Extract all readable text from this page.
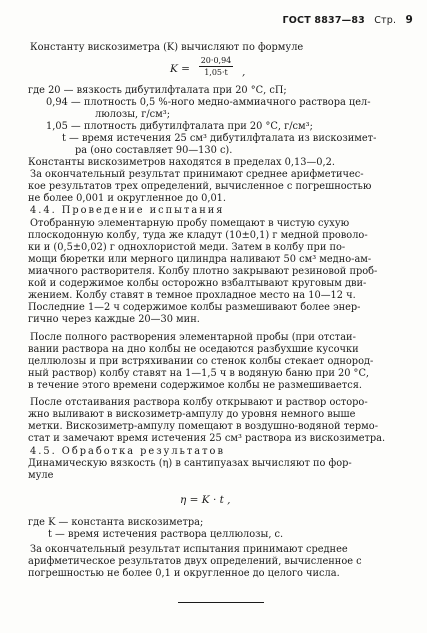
ГОСТ 8837—83 Стр. 9
Константу вискозиметра (K) вычисляют по формуле
$K = \frac{20\cdot 0,94}{1,05\cdot t}$ ,
где 20 — вязкость дибутилфталата при 20 °С, сП;
0,94 — плотность 0,5 %-ного медно-аммиачного раствора цел-
люлозы, г/см³;
1,05 — плотность дибутилфталата при 20 °С, г/см³;
t — время истечения 25 см³ дибутилфталата из вискозимет-
ра (оно составляет 90—130 с).
Константы вискозиметров находятся в пределах 0,13—0,2.
За окончательный результат принимают среднее арифметичес-
кое результатов трех определений, вычисленное с погрешностью
не более 0,001 и округленное до 0,01.
4.4. Проведение испытания
Отобранную элементарную пробу помещают в чистую сухую
плоскодонную колбу, туда же кладут (10±0,1) г медной проволо-
ки и (0,5±0,02) г однохлористой меди. Затем в колбу при по-
мощи бюретки или мерного цилиндра наливают 50 см³ медно-ам-
миачного растворителя. Колбу плотно закрывают резиновой проб-
кой и содержимое колбы осторожно взбалтывают круговым дви-
жением. Колбу ставят в темное прохладное место на 10—12 ч.
Последние 1—2 ч содержимое колбы размешивают более энер-
гично через каждые 20—30 мин.
После полного растворения элементарной пробы (при отстаи-
вании раствора на дно колбы не оседаются разбухшие кусочки
целлюлозы и при встряхивании со стенок колбы стекает однород-
ный раствор) колбу ставят на 1—1,5 ч в водяную баню при 20 °С,
в течение этого времени содержимое колбы не размешивается.
После отстаивания раствора колбу открывают и раствор осторо-
жно выливают в вискозиметр-ампулу до уровня немного выше
метки. Вискозиметр-ампулу помещают в воздушно-водяной термо-
стат и замечают время истечения 25 см³ раствора из вискозиметра.
4.5. Обработка результатов
Динамическую вязкость (η) в сантипуазах вычисляют по фор-
муле
η = K · t ,
где K — константа вискозиметра;
t — время истечения раствора целлюлозы, с.
За окончательный результат испытания принимают среднее
арифметическое результатов двух определений, вычисленное с
погрешностью не более 0,1 и округленное до целого числа.
